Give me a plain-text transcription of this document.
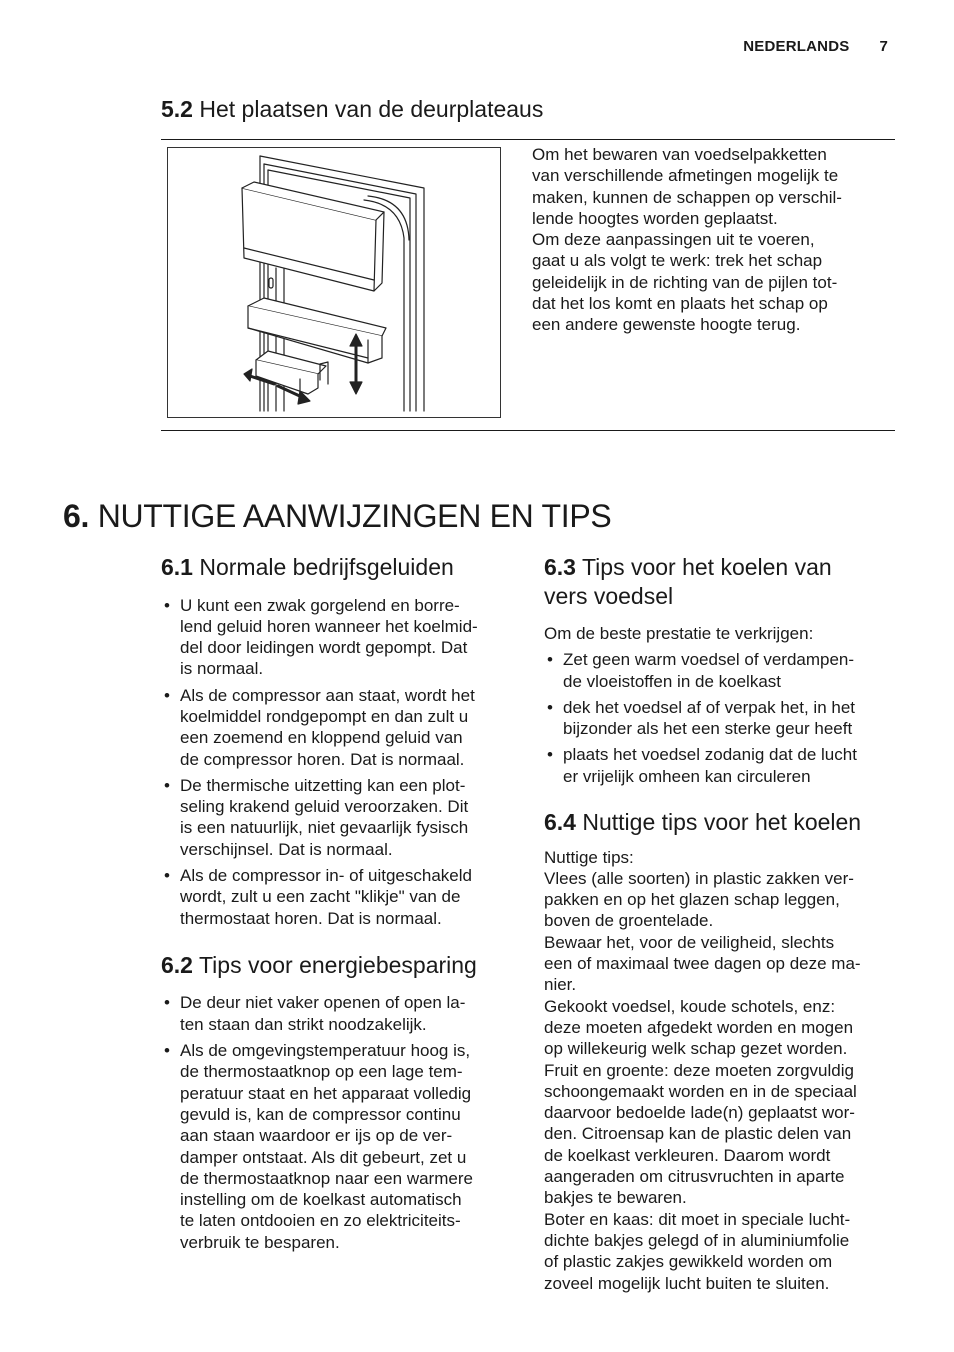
NEDERLANDS 7
5.2 Het plaatsen van de deurplateaus

Om het bewaren van voedselpakketten

van verschillende afmetingen mogelijk te

maken, kunnen de schappen op verschil-

lende hoogtes worden geplaatst.

Om deze aanpassingen uit te voeren,

gaat u als volgt te werk: trek het schap

geleidelijk in de richting van de pijlen tot-

dat het los komt en plaats het schap op

een andere gewenste hoogte terug.

6. NUTTIGE AANWIJZINGEN EN TIPS
6.1 Normale bedrijfsgeluiden
• U kunt een zwak gorgelend en borre-
lend geluid horen wanneer het koelmid-
del door leidingen wordt gepompt. Dat
is normaal.
• Als de compressor aan staat, wordt het
koelmiddel rondgepompt en dan zult u
een zoemend en kloppend geluid van
de compressor horen. Dat is normaal.
• De thermische uitzetting kan een plot-
seling krakend geluid veroorzaken. Dit
is een natuurlijk, niet gevaarlijk fysisch
verschijnsel. Dat is normaal.
• Als de compressor in- of uitgeschakeld
wordt, zult u een zacht "klikje" van de
thermostaat horen. Dat is normaal.
6.2 Tips voor energiebesparing
• De deur niet vaker openen of open la-
ten staan dan strikt noodzakelijk.
• Als de omgevingstemperatuur hoog is,
de thermostaatknop op een lage tem-
peratuur staat en het apparaat volledig
gevuld is, kan de compressor continu
aan staan waardoor er ijs op de ver-
damper ontstaat. Als dit gebeurt, zet u
de thermostaatknop naar een warmere
instelling om de koelkast automatisch
te laten ontdooien en zo elektriciteits-
verbruik te besparen.
6.3 Tips voor het koelen van
vers voedsel

Om de beste prestatie te verkrijgen:

• Zet geen warm voedsel of verdampen-
de vloeistoffen in de koelkast
• dek het voedsel af of verpak het, in het
bijzonder als het een sterke geur heeft
• plaats het voedsel zodanig dat de lucht
er vrijelijk omheen kan circuleren
6.4 Nuttige tips voor het koelen

Nuttige tips:

Vlees (alle soorten) in plastic zakken ver-

pakken en op het glazen schap leggen,

boven de groentelade.

Bewaar het, voor de veiligheid, slechts

een of maximaal twee dagen op deze ma-

nier.

Gekookt voedsel, koude schotels, enz:

deze moeten afgedekt worden en mogen

op willekeurig welk schap gezet worden.

Fruit en groente: deze moeten zorgvuldig

schoongemaakt worden en in de speciaal

daarvoor bedoelde lade(n) geplaatst wor-

den. Citroensap kan de plastic delen van

de koelkast verkleuren. Daarom wordt

aangeraden om citrusvruchten in aparte

bakjes te bewaren.

Boter en kaas: dit moet in speciale lucht-

dichte bakjes gelegd of in aluminiumfolie

of plastic zakjes gewikkeld worden om

zoveel mogelijk lucht buiten te sluiten.
